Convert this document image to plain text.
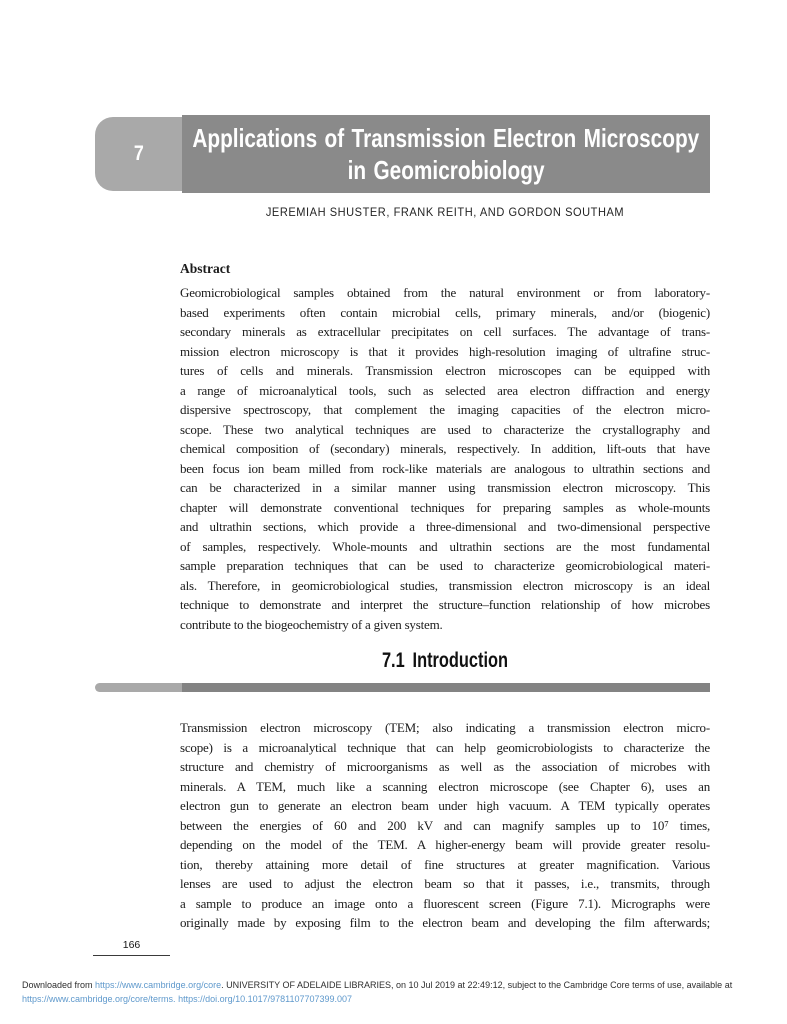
7
Applications of Transmission Electron Microscopy
in Geomicrobiology
JEREMIAH SHUSTER, FRANK REITH, AND GORDON SOUTHAM
Abstract
Geomicrobiological samples obtained from the natural environment or from laboratory-
based experiments often contain microbial cells, primary minerals, and/or (biogenic)
secondary minerals as extracellular precipitates on cell surfaces. The advantage of trans-
mission electron microscopy is that it provides high-resolution imaging of ultrafine struc-
tures of cells and minerals. Transmission electron microscopes can be equipped with
a range of microanalytical tools, such as selected area electron diffraction and energy
dispersive spectroscopy, that complement the imaging capacities of the electron micro-
scope. These two analytical techniques are used to characterize the crystallography and
chemical composition of (secondary) minerals, respectively. In addition, lift-outs that have
been focus ion beam milled from rock-like materials are analogous to ultrathin sections and
can be characterized in a similar manner using transmission electron microscopy. This
chapter will demonstrate conventional techniques for preparing samples as whole-mounts
and ultrathin sections, which provide a three-dimensional and two-dimensional perspective
of samples, respectively. Whole-mounts and ultrathin sections are the most fundamental
sample preparation techniques that can be used to characterize geomicrobiological materi-
als. Therefore, in geomicrobiological studies, transmission electron microscopy is an ideal
technique to demonstrate and interpret the structure–function relationship of how microbes
contribute to the biogeochemistry of a given system.
7.1 Introduction
Transmission electron microscopy (TEM; also indicating a transmission electron micro-
scope) is a microanalytical technique that can help geomicrobiologists to characterize the
structure and chemistry of microorganisms as well as the association of microbes with
minerals. A TEM, much like a scanning electron microscope (see Chapter 6), uses an
electron gun to generate an electron beam under high vacuum. A TEM typically operates
between the energies of 60 and 200 kV and can magnify samples up to 10⁷ times,
depending on the model of the TEM. A higher-energy beam will provide greater resolu-
tion, thereby attaining more detail of fine structures at greater magnification. Various
lenses are used to adjust the electron beam so that it passes, i.e., transmits, through
a sample to produce an image onto a fluorescent screen (Figure 7.1). Micrographs were
originally made by exposing film to the electron beam and developing the film afterwards;
166
Downloaded from https://www.cambridge.org/core. UNIVERSITY OF ADELAIDE LIBRARIES, on 10 Jul 2019 at 22:49:12, subject to the Cambridge Core terms of use, available at
https://www.cambridge.org/core/terms. https://doi.org/10.1017/9781107707399.007
